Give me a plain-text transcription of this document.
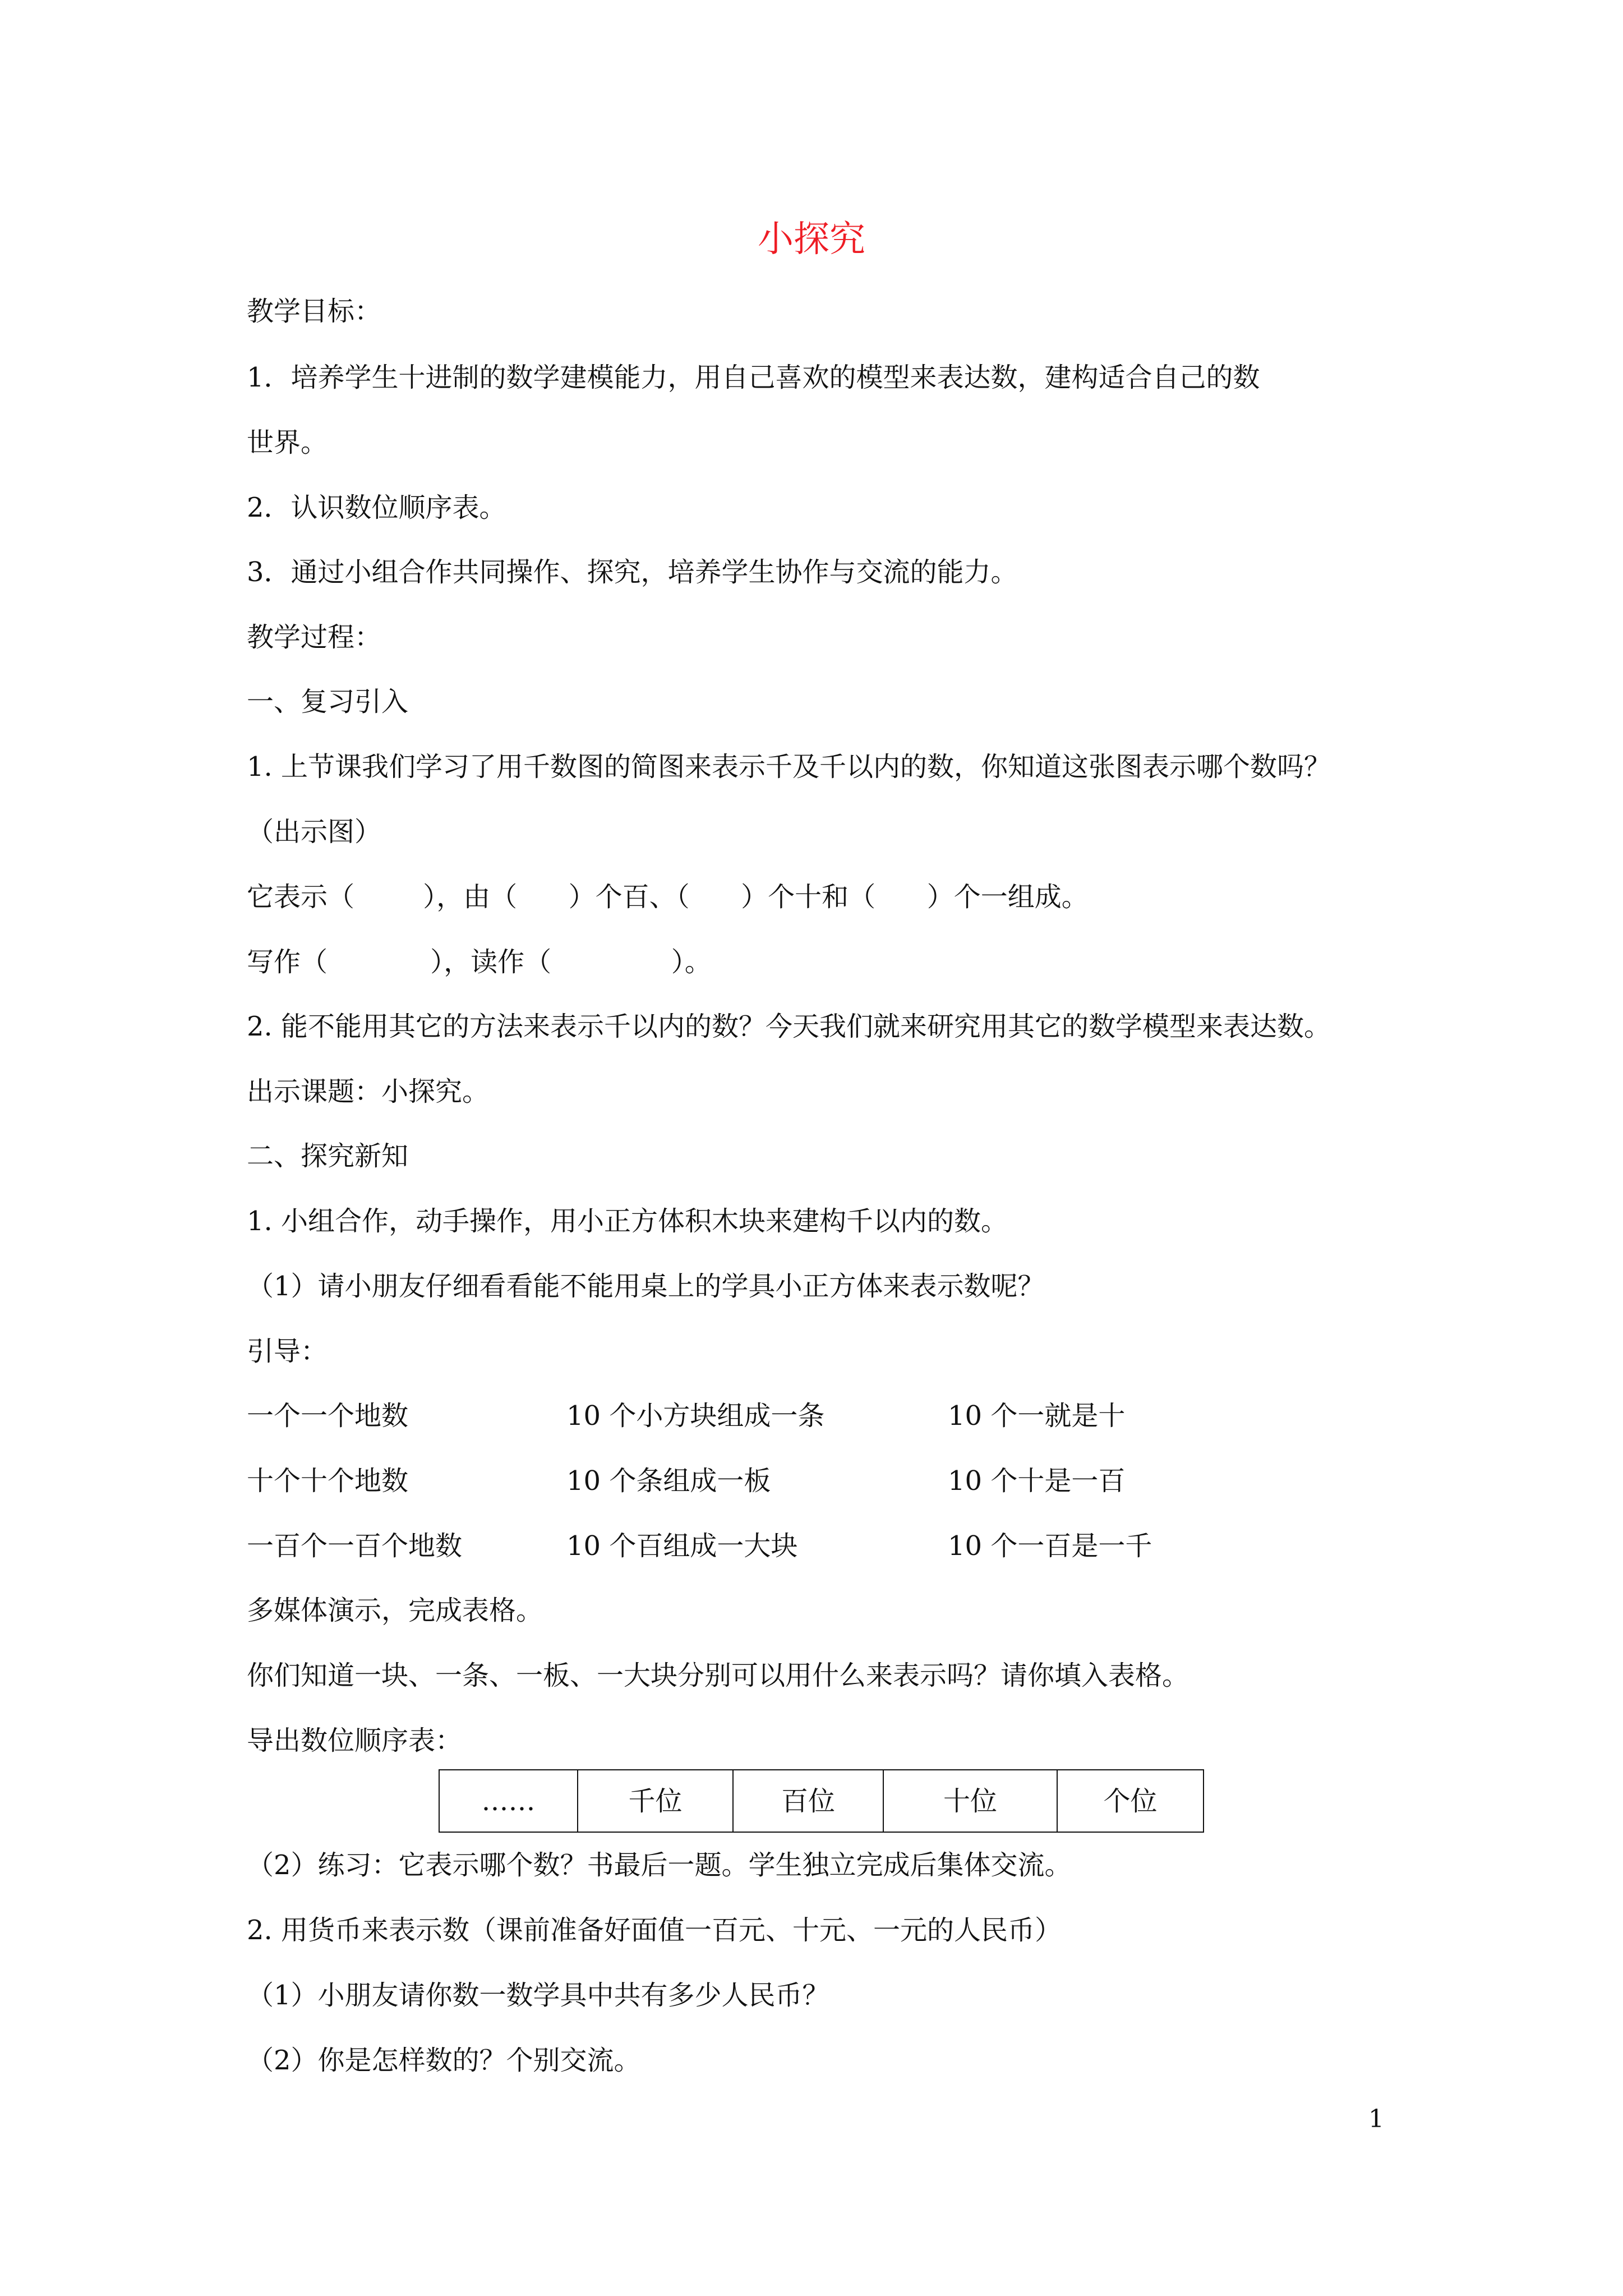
小探究
教学目标：
1．培养学生十进制的数学建模能力，用自己喜欢的模型来表达数，建构适合自己的数
世界。
2．认识数位顺序表。
3．通过小组合作共同操作、探究，培养学生协作与交流的能力。
教学过程：
一、复习引入
1. 上节课我们学习了用千数图的简图来表示千及千以内的数，你知道这张图表示哪个数吗？
（出示图）
它表示（        ），由（      ）个百、（      ）个十和（      ）个一组成。
写作（            ），读作（              ）。
2. 能不能用其它的方法来表示千以内的数？今天我们就来研究用其它的数学模型来表达数。
出示课题：小探究。
二、探究新知
1. 小组合作，动手操作，用小正方体积木块来建构千以内的数。
（1）请小朋友仔细看看能不能用桌上的学具小正方体来表示数呢？
引导：
一个一个地数	10 个小方块组成一条	10 个一就是十
十个十个地数	10 个条组成一板	10 个十是一百
一百个一百个地数	10 个百组成一大块	10 个一百是一千
多媒体演示，完成表格。
你们知道一块、一条、一板、一大块分别可以用什么来表示吗？请你填入表格。
导出数位顺序表：
……	千位	百位	十位	个位
（2）练习：它表示哪个数？书最后一题。学生独立完成后集体交流。
2. 用货币来表示数（课前准备好面值一百元、十元、一元的人民币）
（1）小朋友请你数一数学具中共有多少人民币？
（2）你是怎样数的？个别交流。
1
